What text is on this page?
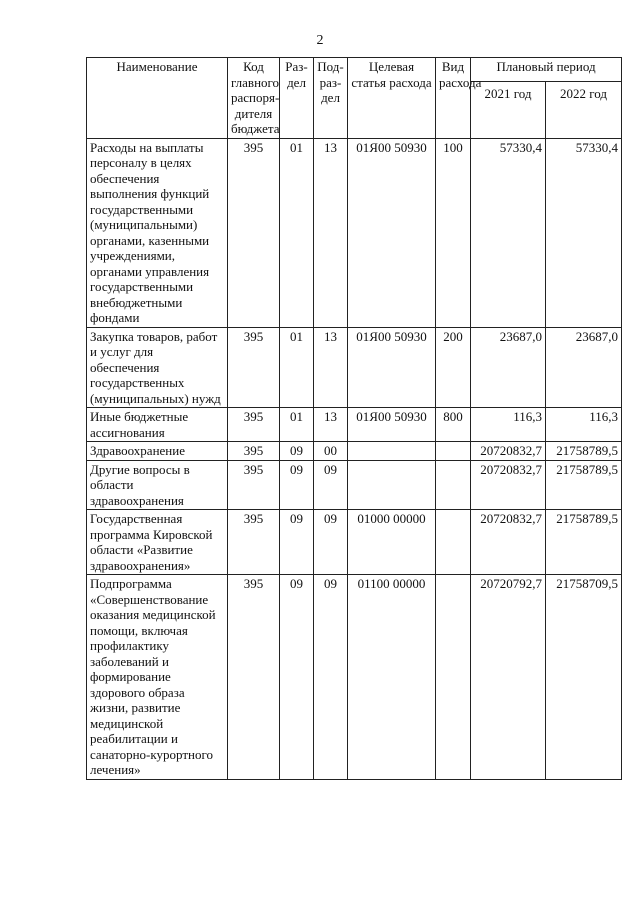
2
Наименование	Код главного распоря-дителя бюджета	Раз-дел	Под-раз-дел	Целевая статья расхода	Вид расхода	Плановый период	
						2021 год	2022 год
Расходы на выплаты персоналу в целях обеспечения выполнения функций государственными (муниципальными) органами, казенными учреждениями, органами управления государственными внебюджетными фондами	395	01	13	01Я00 50930	100	57330,4	57330,4
Закупка товаров, работ и услуг для обеспечения государственных (муниципальных) нужд	395	01	13	01Я00 50930	200	23687,0	23687,0
Иные бюджетные ассигнования	395	01	13	01Я00 50930	800	116,3	116,3
Здравоохранение	395	09	00			20720832,7	21758789,5
Другие вопросы в области здравоохранения	395	09	09			20720832,7	21758789,5
Государственная программа Кировской области «Развитие здравоохранения»	395	09	09	01000 00000		20720832,7	21758789,5
Подпрограмма «Совершенствование оказания медицинской помощи, включая профилактику заболеваний и формирование здорового образа жизни, развитие медицинской реабилитации и санаторно-курортного лечения»	395	09	09	01100 00000		20720792,7	21758709,5
